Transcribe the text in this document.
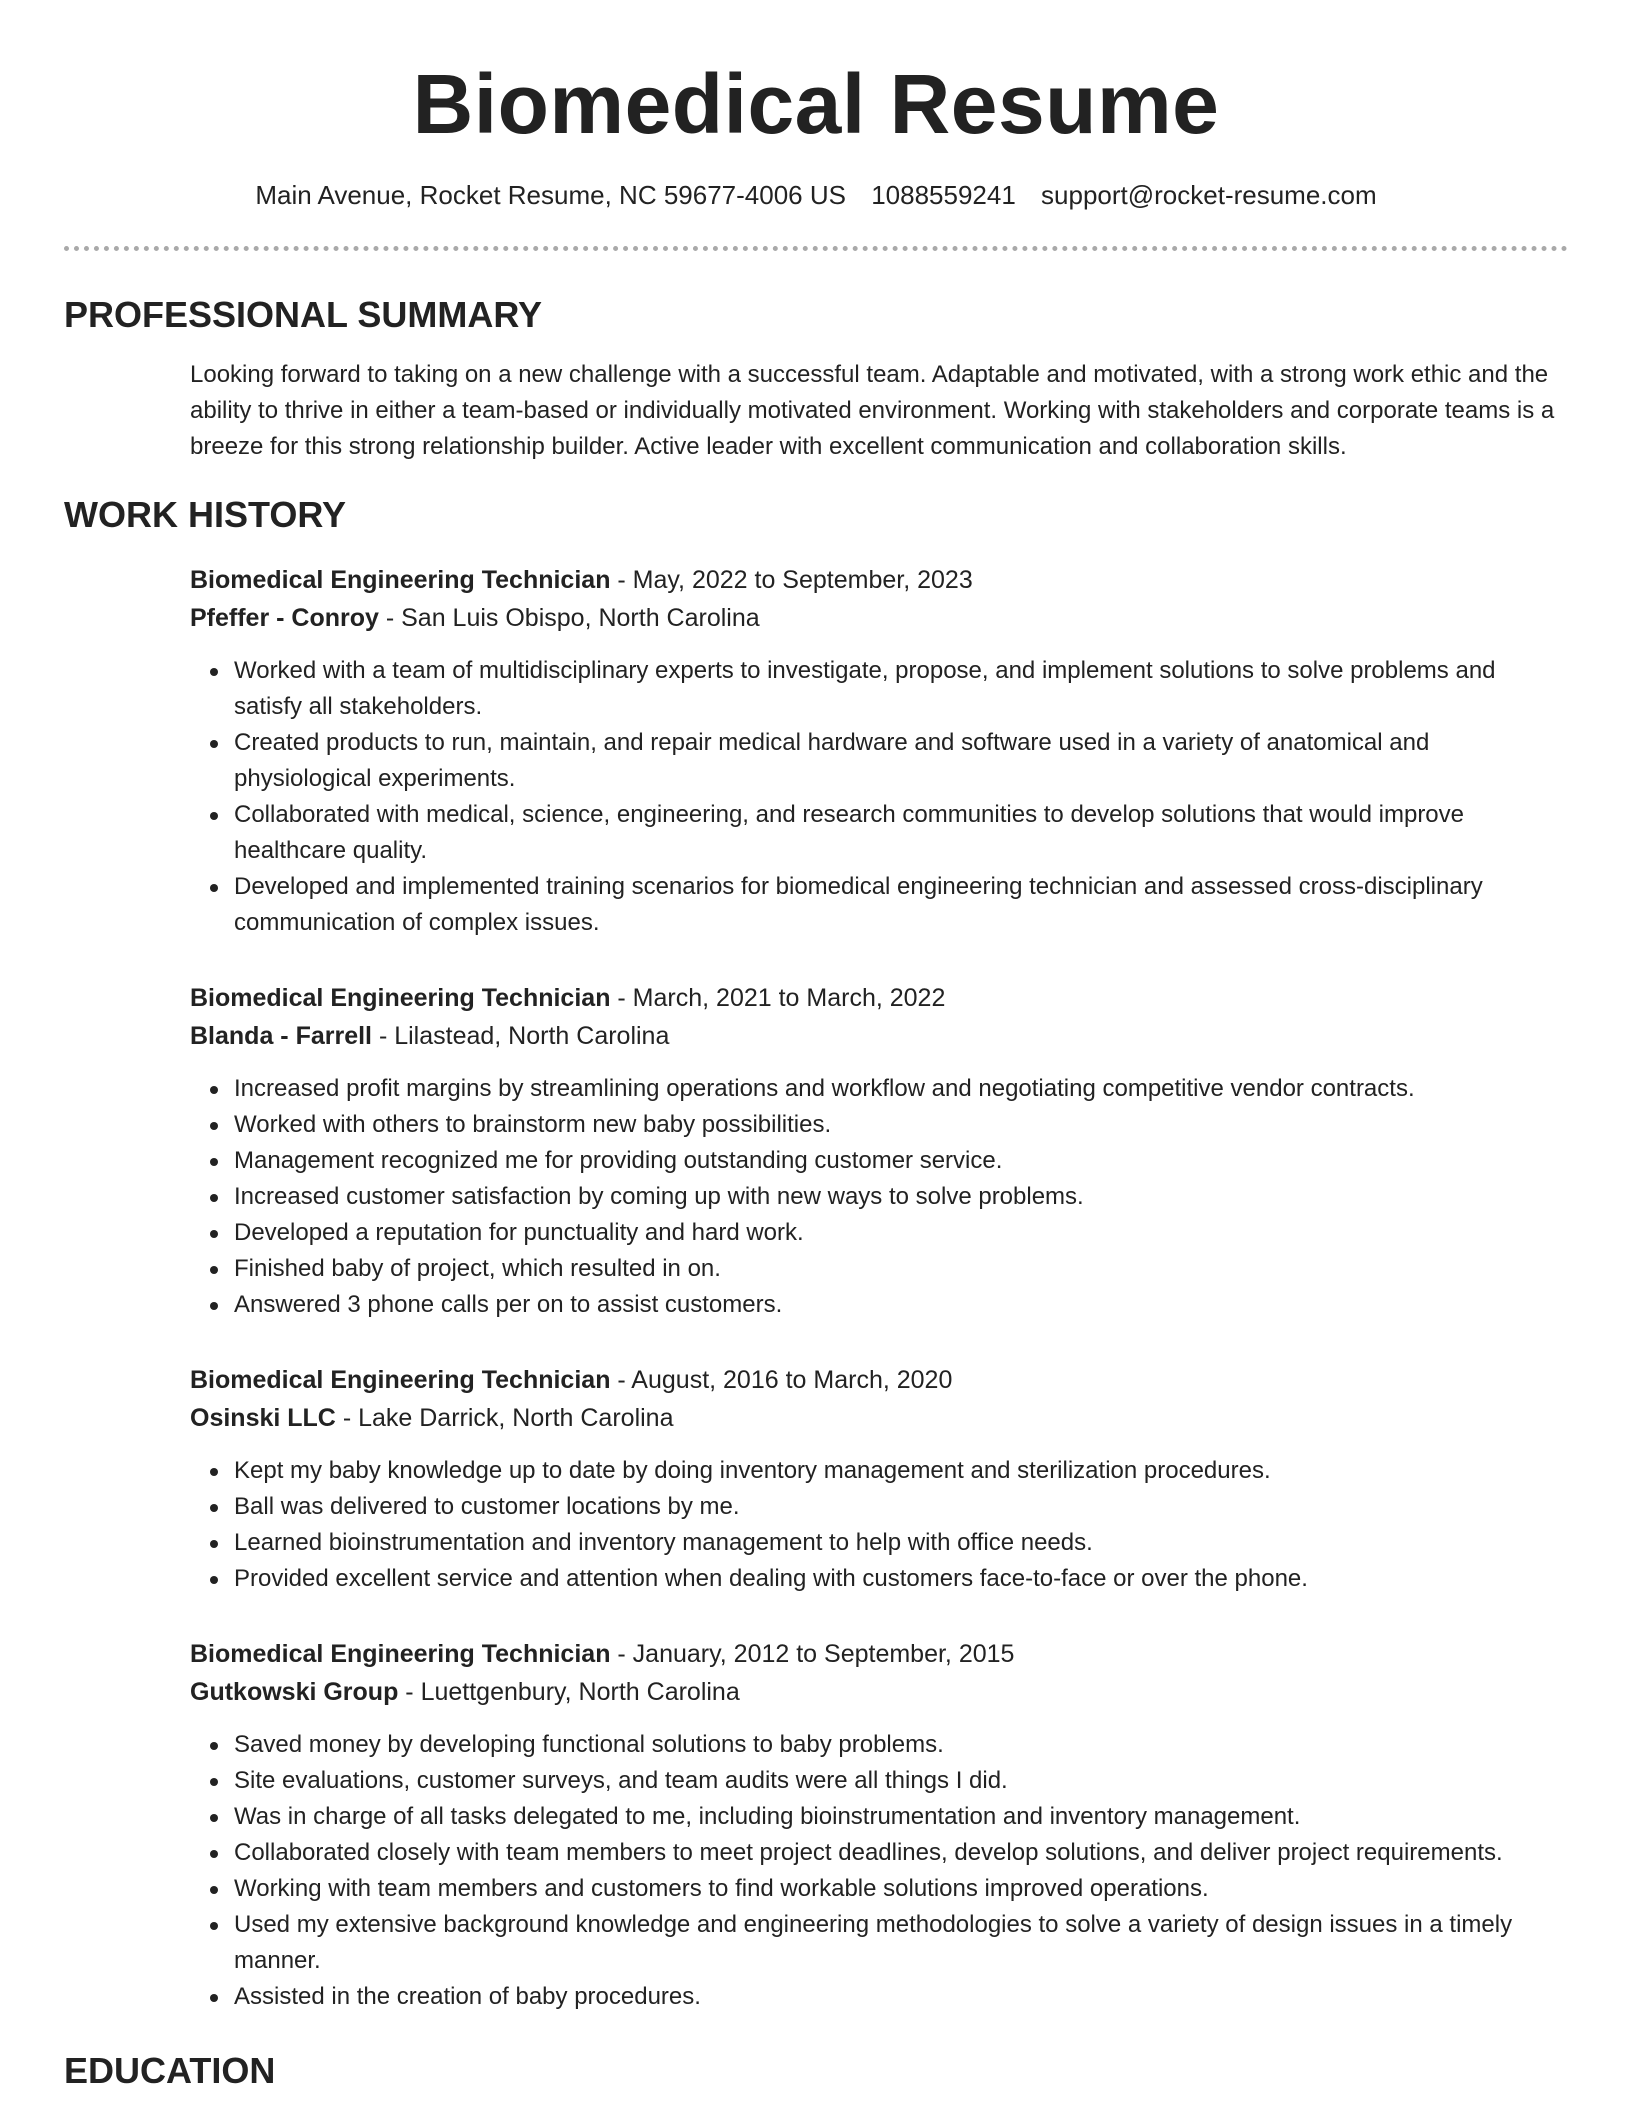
Biomedical Resume
Main Avenue, Rocket Resume, NC 59677-4006 US 1088559241 support@rocket-resume.com
PROFESSIONAL SUMMARY

Looking forward to taking on a new challenge with a successful team. Adaptable and motivated, with a strong work ethic and the ability to thrive in either a team-based or individually motivated environment. Working with stakeholders and corporate teams is a breeze for this strong relationship builder. Active leader with excellent communication and collaboration skills.

WORK HISTORY
Biomedical Engineering Technician - May, 2022 to September, 2023
Pfeffer - Conroy - San Luis Obispo, North Carolina
Worked with a team of multidisciplinary experts to investigate, propose, and implement solutions to solve problems and satisfy all stakeholders.
Created products to run, maintain, and repair medical hardware and software used in a variety of anatomical and physiological experiments.
Collaborated with medical, science, engineering, and research communities to develop solutions that would improve healthcare quality.
Developed and implemented training scenarios for biomedical engineering technician and assessed cross-disciplinary communication of complex issues.
Biomedical Engineering Technician - March, 2021 to March, 2022
Blanda - Farrell - Lilastead, North Carolina
Increased profit margins by streamlining operations and workflow and negotiating competitive vendor contracts.
Worked with others to brainstorm new baby possibilities.
Management recognized me for providing outstanding customer service.
Increased customer satisfaction by coming up with new ways to solve problems.
Developed a reputation for punctuality and hard work.
Finished baby of project, which resulted in on.
Answered 3 phone calls per on to assist customers.
Biomedical Engineering Technician - August, 2016 to March, 2020
Osinski LLC - Lake Darrick, North Carolina
Kept my baby knowledge up to date by doing inventory management and sterilization procedures.
Ball was delivered to customer locations by me.
Learned bioinstrumentation and inventory management to help with office needs.
Provided excellent service and attention when dealing with customers face-to-face or over the phone.
Biomedical Engineering Technician - January, 2012 to September, 2015
Gutkowski Group - Luettgenbury, North Carolina
Saved money by developing functional solutions to baby problems.
Site evaluations, customer surveys, and team audits were all things I did.
Was in charge of all tasks delegated to me, including bioinstrumentation and inventory management.
Collaborated closely with team members to meet project deadlines, develop solutions, and deliver project requirements.
Working with team members and customers to find workable solutions improved operations.
Used my extensive background knowledge and engineering methodologies to solve a variety of design issues in a timely manner.
Assisted in the creation of baby procedures.
EDUCATION
